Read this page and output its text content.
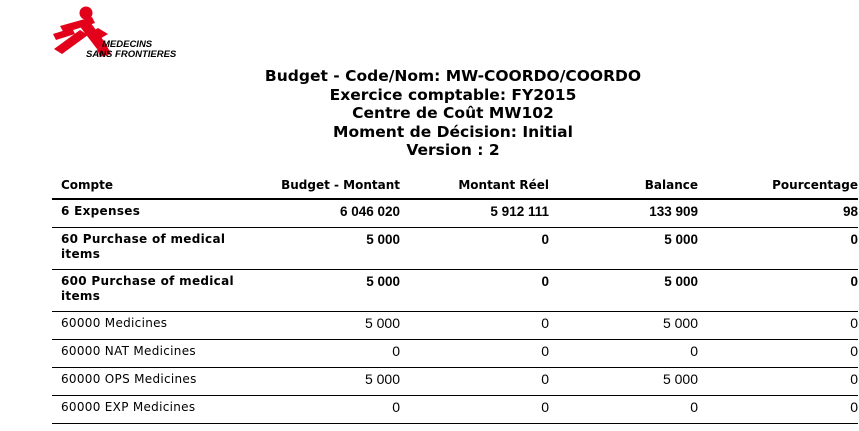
MEDECINS
SANS FRONTIERES
Budget - Code/Nom: MW-COORDO/COORDO
Exercice comptable: FY2015
Centre de Coût MW102
Moment de Décision: Initial
Version : 2
Compte	Budget - Montant	Montant Réel	Balance	Pourcentage
6 Expenses	6 046 020	5 912 111	133 909	98
60 Purchase of medical items	5 000	0	5 000	0
600 Purchase of medical items	5 000	0	5 000	0
60000 Medicines	5 000	0	5 000	0
60000 NAT Medicines	0	0	0	0
60000 OPS Medicines	5 000	0	5 000	0
60000 EXP Medicines	0	0	0	0
